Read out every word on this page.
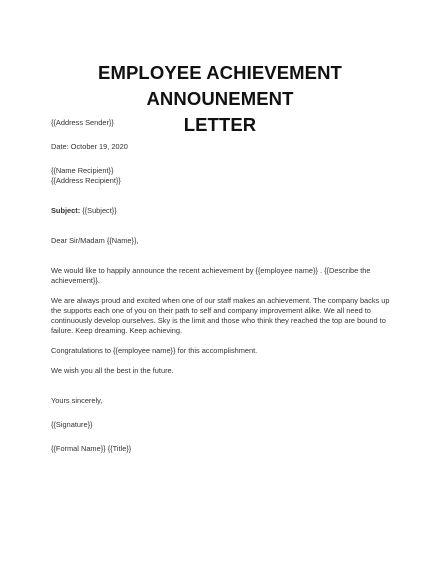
EMPLOYEE ACHIEVEMENT ANNOUNEMENT
LETTER

{{Address Sender}}

Date: October 19, 2020

{{Name Recipient}}

{{Address Recipient}}

Subject: {{Subject}}

Dear Sir/Madam {{Name}},

We would like to happily announce the recent achievement by {{employee name}} . {{Describe the achievement}}.

We are always proud and excited when one of our staff makes an achievement. The company backs up the supports each one of you on their path to self and company improvement alike. We all need to continuously develop ourselves. Sky is the limit and those who think they reached the top are bound to failure. Keep dreaming. Keep achieving.

Congratulations to {{employee name}} for this accomplishment.

We wish you all the best in the future.

Yours sincerely,

{{Signature}}

{{Formal Name}} {{Title}}
